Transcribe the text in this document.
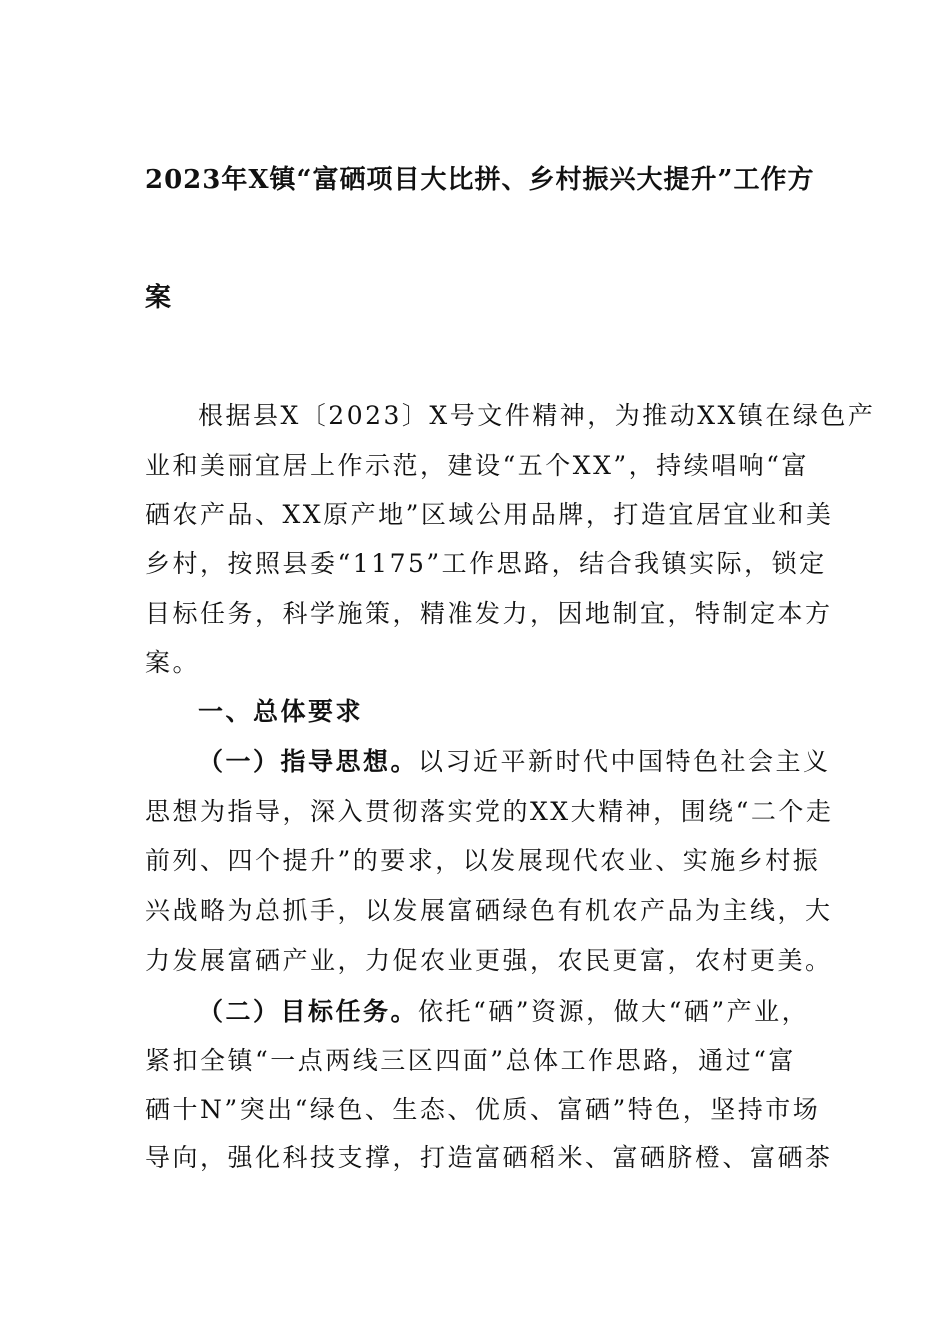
2023年X镇“富硒项目大比拼、乡村振兴大提升”工作方
案
根据县X〔2023〕X号文件精神，为推动XX镇在绿色产
业和美丽宜居上作示范，建设“五个XX”，持续唱响“富
硒农产品、XX原产地”区域公用品牌，打造宜居宜业和美
乡村，按照县委“1175”工作思路，结合我镇实际，锁定
目标任务，科学施策，精准发力，因地制宜，特制定本方
案。
一、总体要求
（一）指导思想。以习近平新时代中国特色社会主义
思想为指导，深入贯彻落实党的XX大精神，围绕“二个走
前列、四个提升”的要求，以发展现代农业、实施乡村振
兴战略为总抓手，以发展富硒绿色有机农产品为主线，大
力发展富硒产业，力促农业更强，农民更富，农村更美。
（二）目标任务。依托“硒”资源，做大“硒”产业，
紧扣全镇“一点两线三区四面”总体工作思路，通过“富
硒十N”突出“绿色、生态、优质、富硒”特色，坚持市场
导向，强化科技支撑，打造富硒稻米、富硒脐橙、富硒茶
